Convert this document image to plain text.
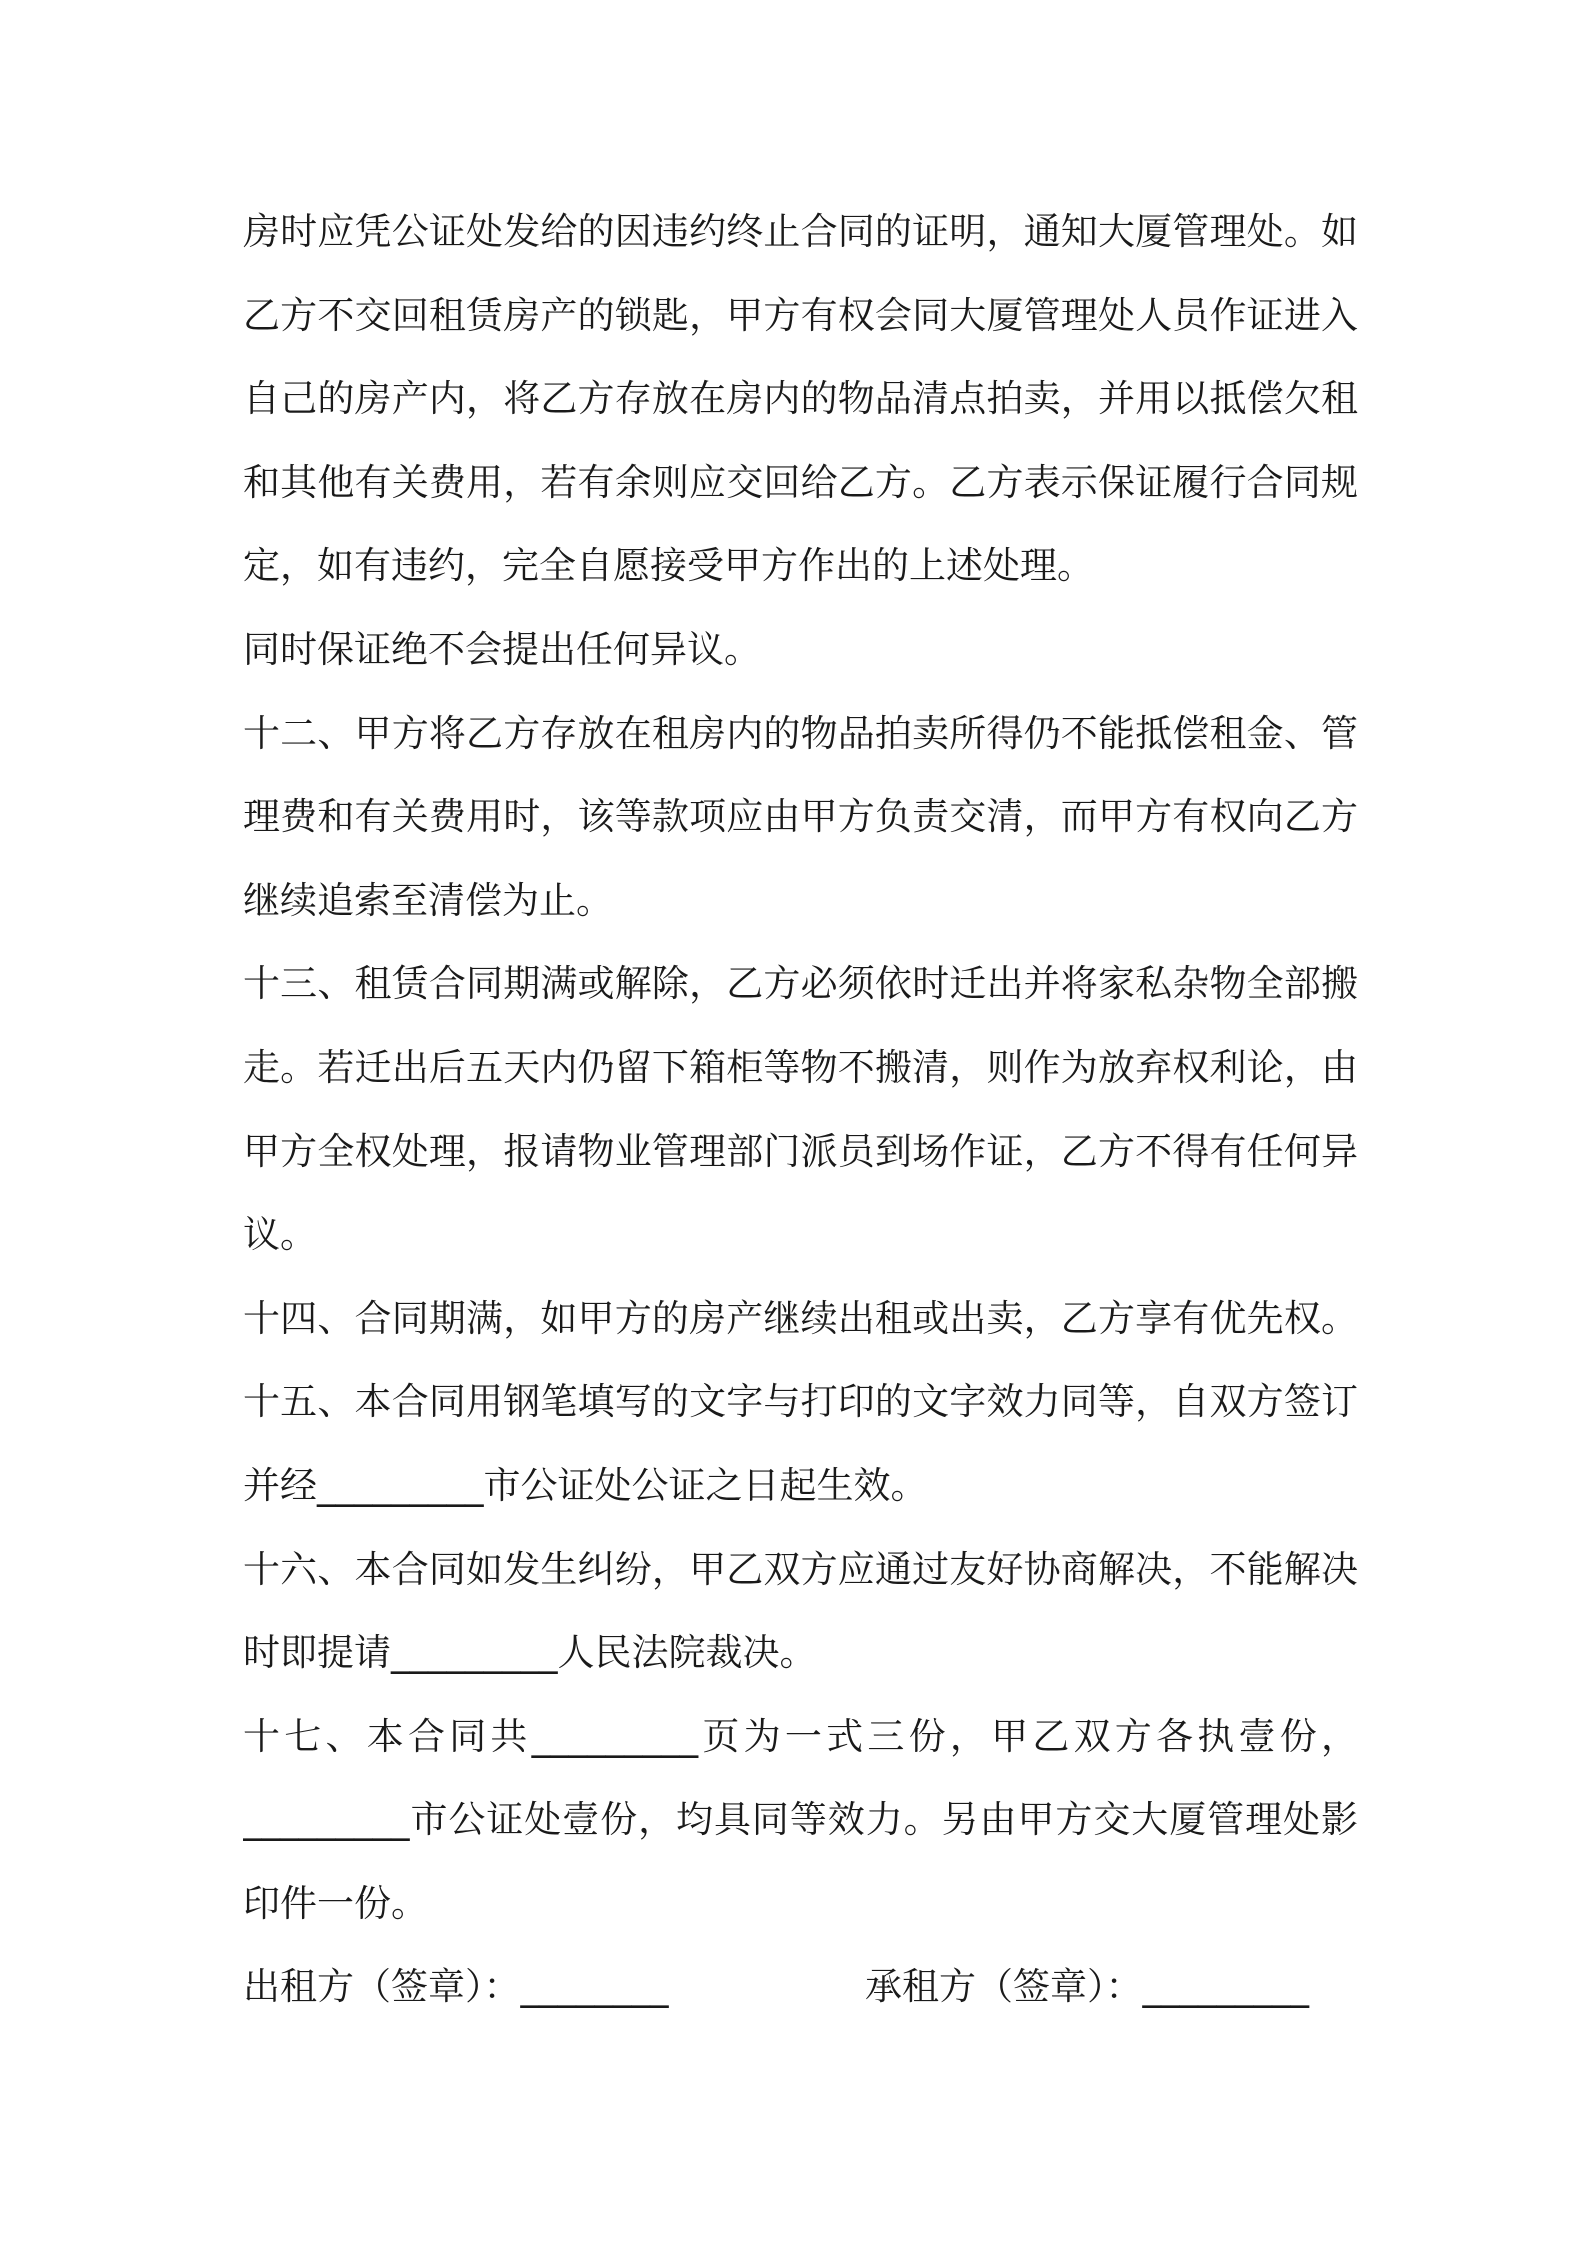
房时应凭公证处发给的因违约终止合同的证明，通知大厦管理处。如
乙方不交回租赁房产的锁匙，甲方有权会同大厦管理处人员作证进入
自己的房产内，将乙方存放在房内的物品清点拍卖，并用以抵偿欠租
和其他有关费用，若有余则应交回给乙方。乙方表示保证履行合同规
定，如有违约，完全自愿接受甲方作出的上述处理。
同时保证绝不会提出任何异议。
十二、甲方将乙方存放在租房内的物品拍卖所得仍不能抵偿租金、管
理费和有关费用时，该等款项应由甲方负责交清，而甲方有权向乙方
继续追索至清偿为止。
十三、租赁合同期满或解除，乙方必须依时迁出并将家私杂物全部搬
走。若迁出后五天内仍留下箱柜等物不搬清，则作为放弃权利论，由
甲方全权处理，报请物业管理部门派员到场作证，乙方不得有任何异
议。
十四、合同期满，如甲方的房产继续出租或出卖，乙方享有优先权。
十五、本合同用钢笔填写的文字与打印的文字效力同等，自双方签订
并经_________市公证处公证之日起生效。
十六、本合同如发生纠纷，甲乙双方应通过友好协商解决，不能解决
时即提请_________人民法院裁决。
十七、本合同共_________页为一式三份，甲乙双方各执壹份，
_________市公证处壹份，均具同等效力。另由甲方交大厦管理处影
印件一份。
出租方（签章）：________	承租方（签章）：_________
